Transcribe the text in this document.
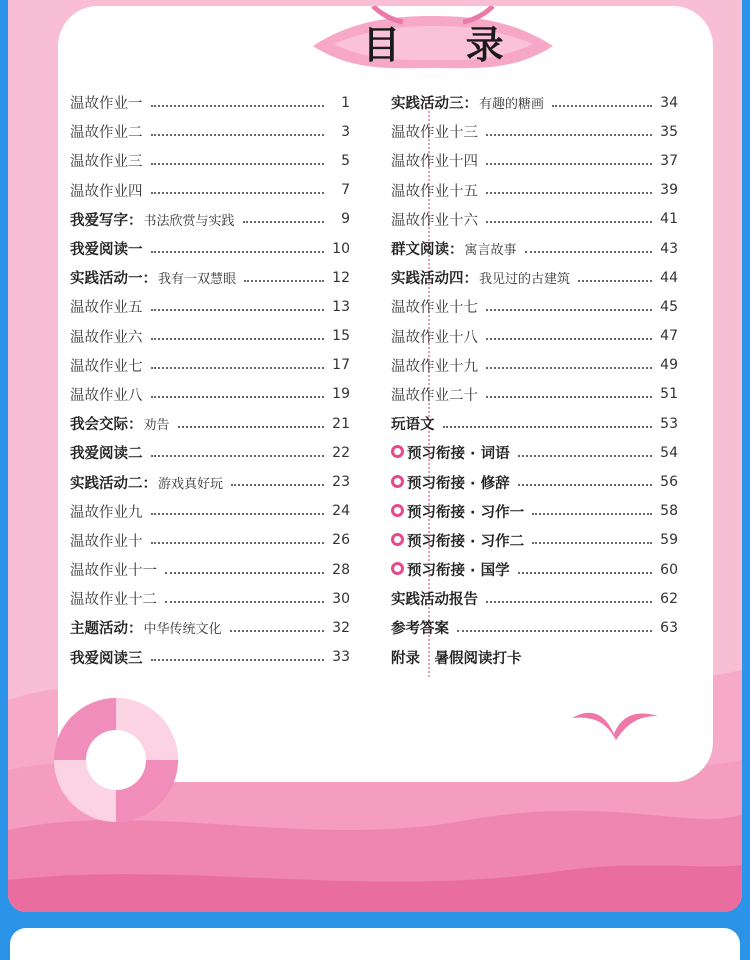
目 录
温故作业一	1
温故作业二	3
温故作业三	5
温故作业四	7
我爱写字： 书法欣赏与实践	9
我爱阅读一	10
实践活动一： 我有一双慧眼	12
温故作业五	13
温故作业六	15
温故作业七	17
温故作业八	19
我会交际： 劝告	21
我爱阅读二	22
实践活动二： 游戏真好玩	23
温故作业九	24
温故作业十	26
温故作业十一	28
温故作业十二	30
主题活动： 中华传统文化	32
我爱阅读三	33
实践活动三： 有趣的糖画	34
温故作业十三	35
温故作业十四	37
温故作业十五	39
温故作业十六	41
群文阅读： 寓言故事	43
实践活动四： 我见过的古建筑	44
温故作业十七	45
温故作业十八	47
温故作业十九	49
温故作业二十	51
玩语文	53
预习衔接 · 词语	54
预习衔接 · 修辞	56
预习衔接 · 习作一	58
预习衔接 · 习作二	59
预习衔接 · 国学	60
实践活动报告	62
参考答案	63
附录　暑假阅读打卡
